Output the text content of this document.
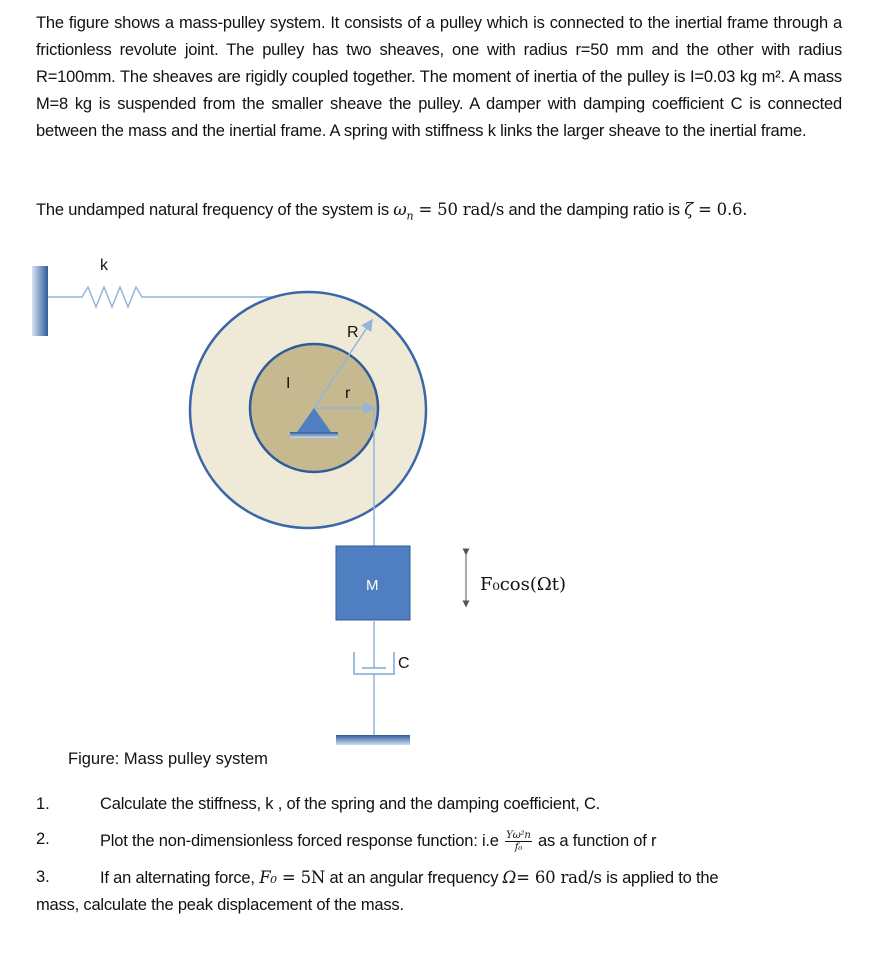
The figure shows a mass-pulley system. It consists of a pulley which is connected to the inertial frame through a frictionless revolute joint. The pulley has two sheaves, one with radius r=50 mm and the other with radius R=100mm. The sheaves are rigidly coupled together. The moment of inertia of the pulley is I=0.03 kg m². A mass M=8 kg is suspended from the smaller sheave the pulley. A damper with damping coefficient C is connected between the mass and the inertial frame. A spring with stiffness k links the larger sheave to the inertial frame.
The undamped natural frequency of the system is $\omega_n = 50$ rad/s and the damping ratio is ζ = 0.6.
k
R
r
I
M	F₀cos(Ωt)
C
Figure: Mass pulley system
1.	Calculate the stiffness, k , of the spring and the damping coefficient, C.
2.	Plot the non-dimensionless forced response function: $i.e \frac{\text{Yω²n}}{\text{f₀}}$ as a function of r
3.	If an alternating force, F₀ = 5N at an angular frequency Ω= 60 rad/s is applied to the
mass, calculate the peak displacement of the mass.
